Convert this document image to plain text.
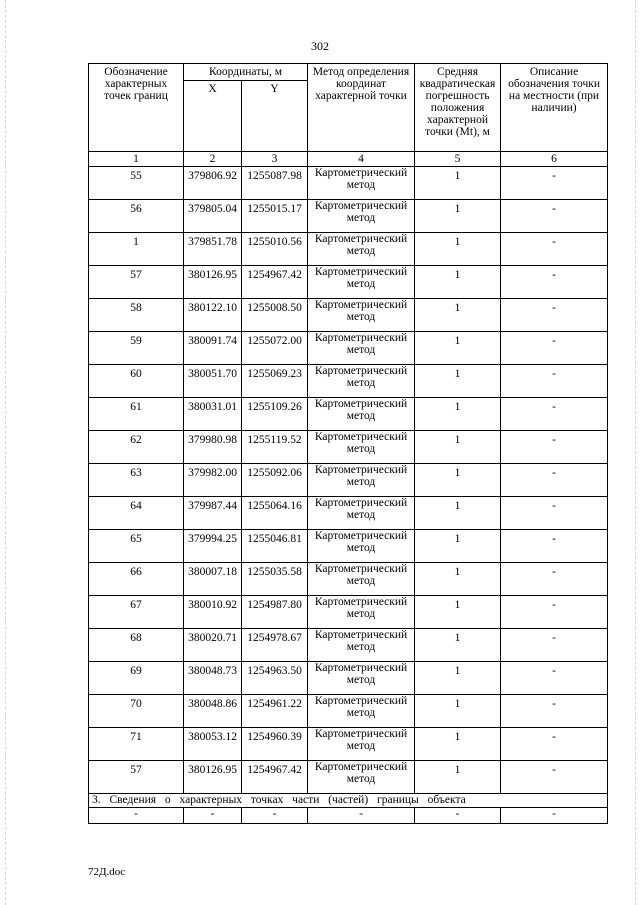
302
Обозначение характерных точек границ	Координаты, м		Метод определения координат характерной точки	Средняя квадратическая погрешность положения характерной точки (Mt), м	Описание обозначения точки на местности (при наличии)
	X	Y			
1	2	3	4	5	6
55	379806.92	1255087.98	Картометрический метод	1	-
56	379805.04	1255015.17	Картометрический метод	1	-
1	379851.78	1255010.56	Картометрический метод	1	-
57	380126.95	1254967.42	Картометрический метод	1	-
58	380122.10	1255008.50	Картометрический метод	1	-
59	380091.74	1255072.00	Картометрический метод	1	-
60	380051.70	1255069.23	Картометрический метод	1	-
61	380031.01	1255109.26	Картометрический метод	1	-
62	379980.98	1255119.52	Картометрический метод	1	-
63	379982.00	1255092.06	Картометрический метод	1	-
64	379987.44	1255064.16	Картометрический метод	1	-
65	379994.25	1255046.81	Картометрический метод	1	-
66	380007.18	1255035.58	Картометрический метод	1	-
67	380010.92	1254987.80	Картометрический метод	1	-
68	380020.71	1254978.67	Картометрический метод	1	-
69	380048.73	1254963.50	Картометрический метод	1	-
70	380048.86	1254961.22	Картометрический метод	1	-
71	380053.12	1254960.39	Картометрический метод	1	-
57	380126.95	1254967.42	Картометрический метод	1	-
3. Сведения о характерных точках части (частей) границы объекта					
-	-	-	-	-	-
72Д.doc
